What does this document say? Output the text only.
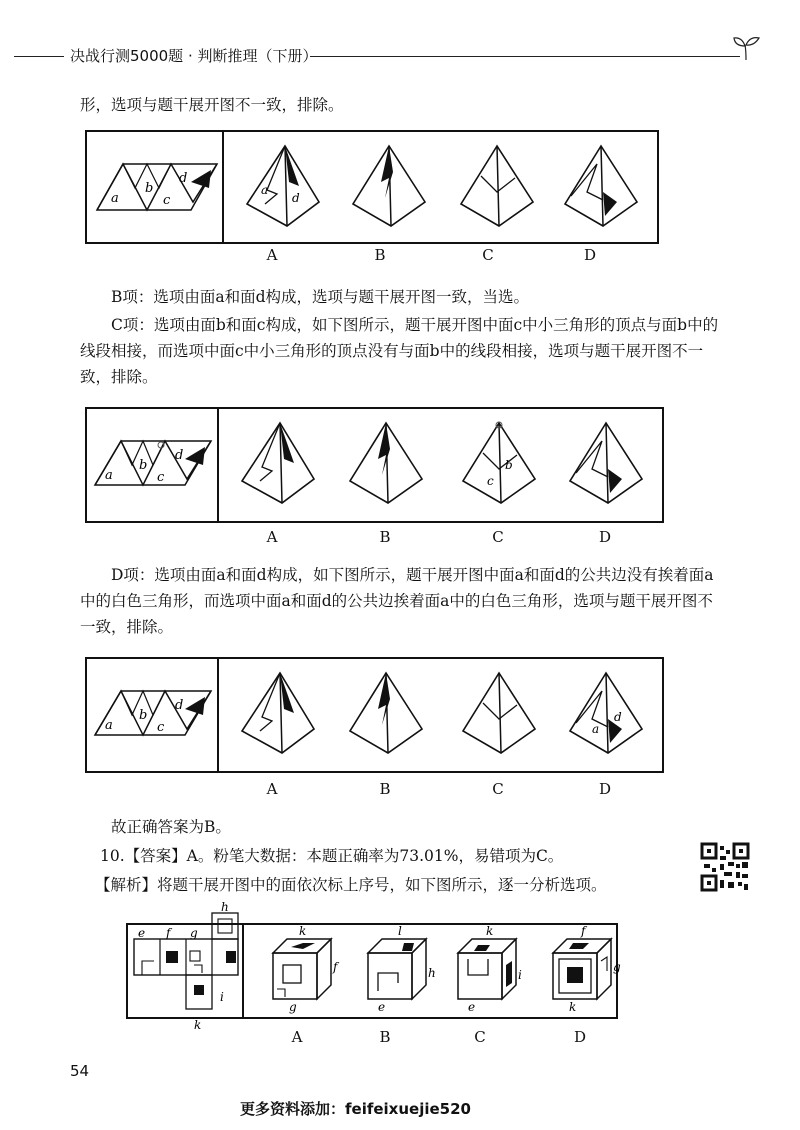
决战行测5000题 · 判断推理（下册）

形，选项与题干展开图不一致，排除。

a
b
c
d
a
d
A	B	C	D

B项：选项由面a和面d构成，选项与题干展开图一致，当选。

C项：选项由面b和面c构成，如下图所示，题干展开图中面c中小三角形的顶点与面b中的线段相接，而选项中面c中小三角形的顶点没有与面b中的线段相接，选项与题干展开图不一致，排除。

a
b
c
d
c
b
A	B	C	D

D项：选项由面a和面d构成，如下图所示，题干展开图中面a和面d的公共边没有挨着面a中的白色三角形，而选项中面a和面d的公共边挨着面a中的白色三角形，选项与题干展开图不一致，排除。

a
b
c
d
a
d
A	B	C	D

故正确答案为B。

10.【答案】A。粉笔大数据：本题正确率为73.01%，易错项为C。

【解析】将题干展开图中的面依次标上序号，如下图所示，逐一分析选项。

e f g
h
i
k
k
f
g
l
h
e
k
i
e
f
g
k
A	B	C	D
54
更多资料添加：feifeixuejie520
